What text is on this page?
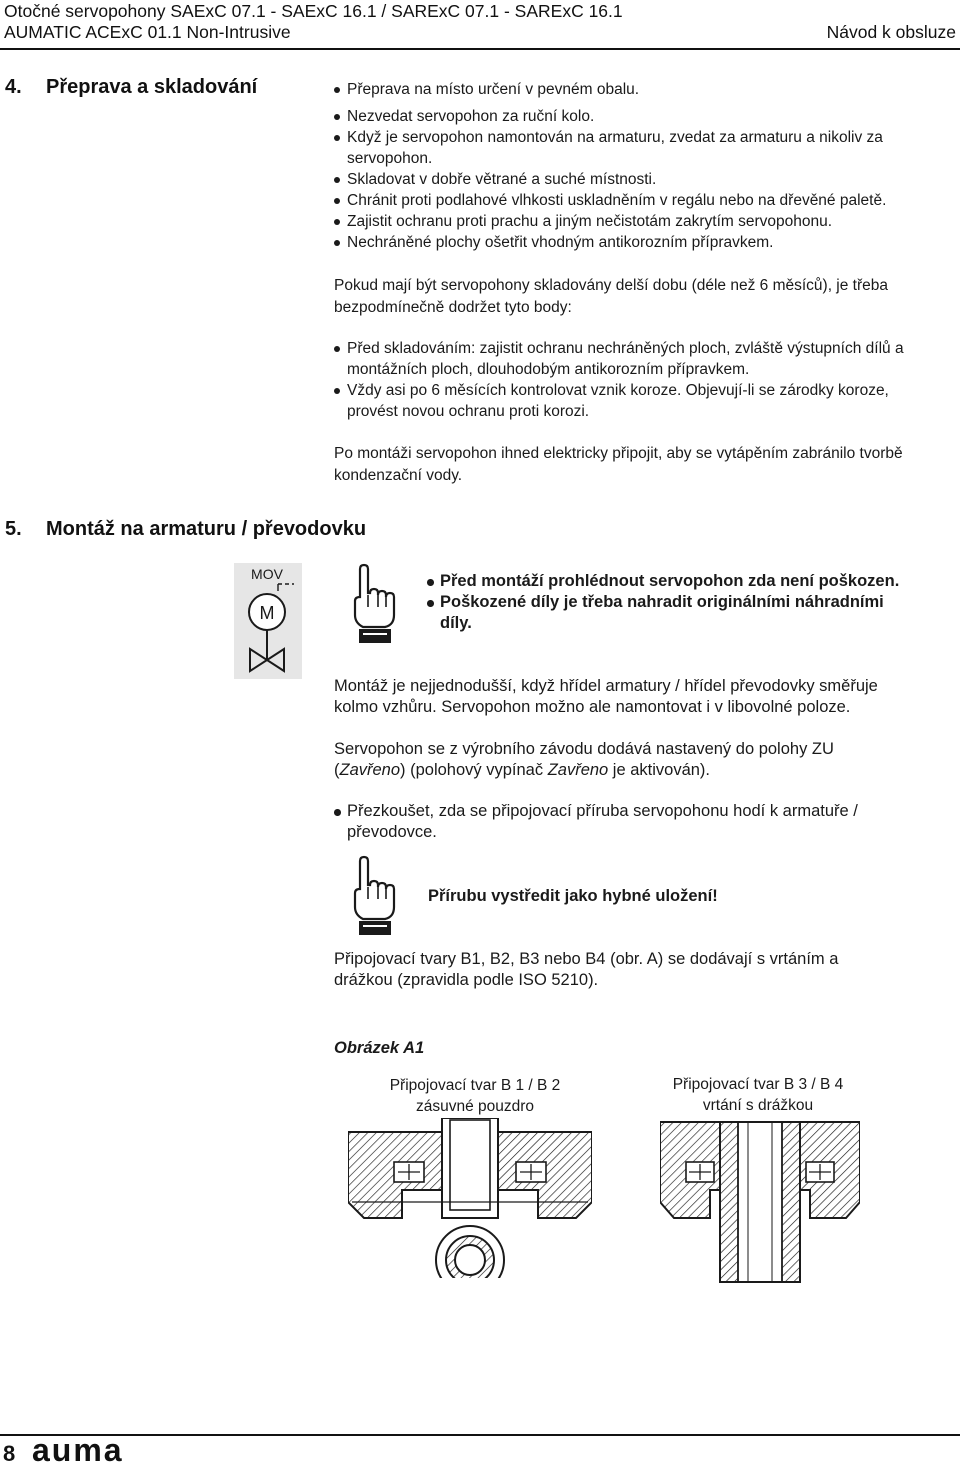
Otočné servopohony SAExC 07.1 - SAExC 16.1 / SARExC 07.1 - SARExC 16.1
AUMATIC ACExC 01.1 Non-Intrusive	Návod k obsluze
4. Přeprava a skladování	Přeprava na místo určení v pevném obalu.
Nezvedat servopohon za ruční kolo.
Když je servopohon namontován na armaturu, zvedat za armaturu a nikoliv za
servopohon.
Skladovat v dobře větrané a suché místnosti.
Chránit proti podlahové vlhkosti uskladněním v regálu nebo na dřevěné paletě.
Zajistit ochranu proti prachu a jiným nečistotám zakrytím servopohonu.
Nechráněné plochy ošetřit vhodným antikorozním přípravkem.
Pokud mají být servopohony skladovány delší dobu (déle než 6 měsíců), je třeba
bezpodmínečně dodržet tyto body:
Před skladováním: zajistit ochranu nechráněných ploch, zvláště výstupních dílů a
montážních ploch, dlouhodobým antikorozním přípravkem.
Vždy asi po 6 měsících kontrolovat vznik koroze. Objevují-li se zárodky koroze,
provést novou ochranu proti korozi.
Po montáži servopohon ihned elektricky připojit, aby se vytápěním zabránilo tvorbě
kondenzační vody.
5. Montáž na armaturu / převodovku
MOV
M
Před montáží prohlédnout servopohon zda není poškozen.
Poškozené díly je třeba nahradit originálními náhradními
díly.
Montáž je nejjednodušší, když hřídel armatury / hřídel převodovky směřuje
kolmo vzhůru. Servopohon možno ale namontovat i v libovolné poloze.
Servopohon se z výrobního závodu dodává nastavený do polohy ZU
(Zavřeno) (polohový vypínač Zavřeno je aktivován).
Přezkoušet, zda se připojovací příruba servopohonu hodí k armatuře /
převodovce.
Přírubu vystředit jako hybné uložení!
Připojovací tvary B1, B2, B3 nebo B4 (obr. A) se dodávají s vrtáním a
drážkou (zpravidla podle ISO 5210).
Obrázek A1
Připojovací tvar B 1 / B 2
zásuvné pouzdro
Připojovací tvar B 3 / B 4
vrtání s drážkou
8 auma
